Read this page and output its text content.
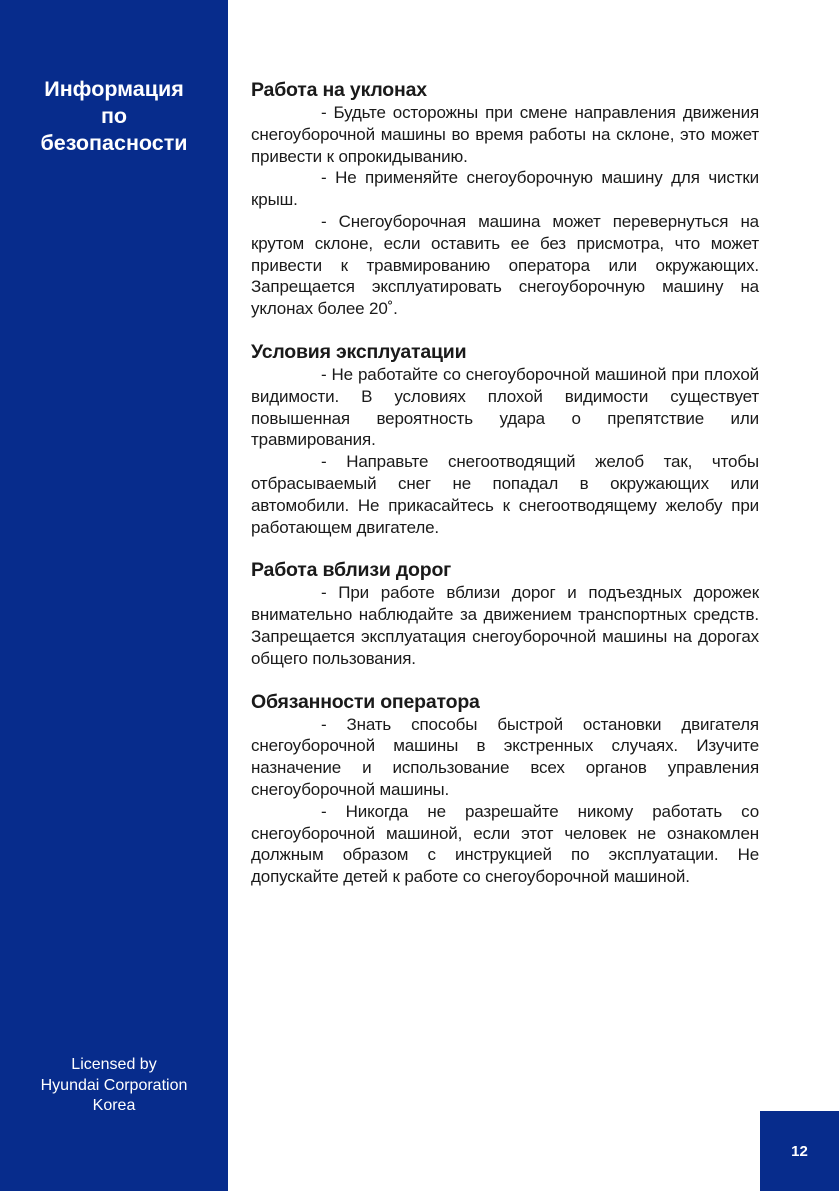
Информация
по
безопасности
Licensed by
Hyundai Corporation
Korea
Работа на уклонах

- Будьте осторожны при смене направления движения снегоуборочной машины во время работы на склоне, это может привести к опрокидыванию.

- Не применяйте снегоуборочную машину для чистки крыш.

- Снегоуборочная машина может перевернуться на крутом склоне, если оставить ее без присмотра, что может привести к травмированию оператора или окружающих. Запрещается эксплуатировать снегоуборочную машину на уклонах более 20˚.

Условия эксплуатации

- Не работайте со снегоуборочной машиной при плохой видимости. В условиях плохой видимости существует повышенная вероятность удара о препятствие или травмирования.

- Направьте снегоотводящий желоб так, чтобы отбрасываемый снег не попадал в окружающих или автомобили. Не прикасайтесь к снегоотводящему желобу при работающем двигателе.

Работа вблизи дорог

- При работе вблизи дорог и подъездных дорожек внимательно наблюдайте за движением транспортных средств. Запрещается эксплуатация снегоуборочной машины на дорогах общего пользования.

Обязанности оператора

- Знать способы быстрой остановки двигателя снегоуборочной машины в экстренных случаях. Изучите назначение и использование всех органов управления снегоуборочной машины.

- Никогда не разрешайте никому работать со снегоуборочной машиной, если этот человек не ознакомлен должным образом с инструкцией по эксплуатации. Не допускайте детей к работе со снегоуборочной машиной.

12
